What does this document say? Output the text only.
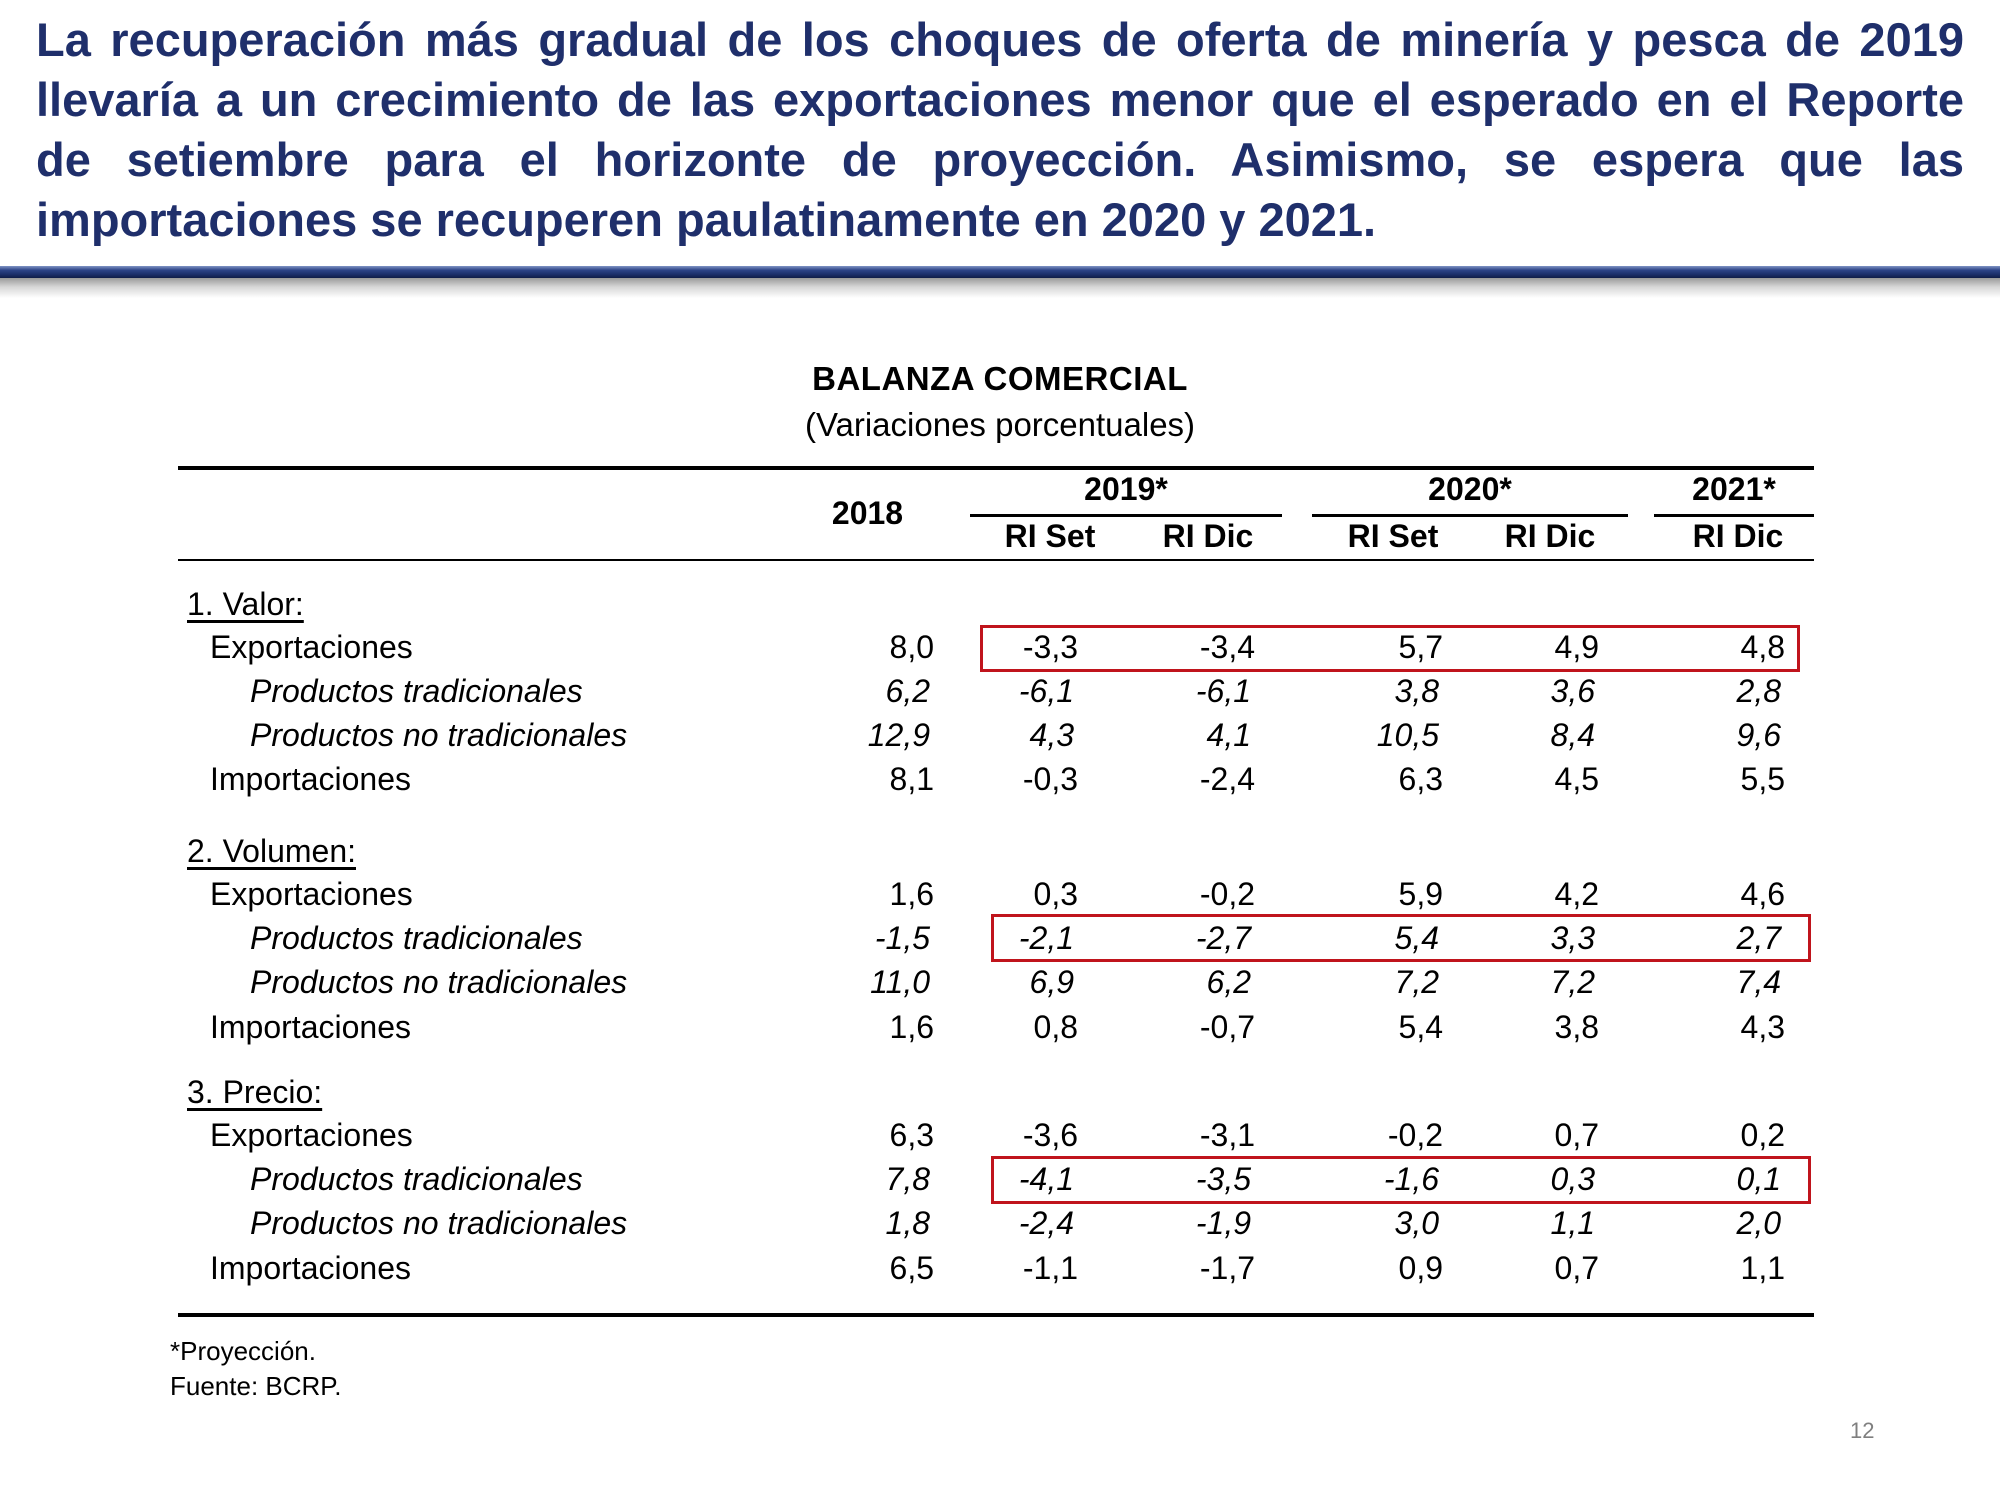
La recuperación más gradual de los choques de oferta de minería y pesca de 2019 llevaría a un crecimiento de las exportaciones menor que el esperado en el Reporte de setiembre para el horizonte de proyección. Asimismo, se espera que las importaciones se recuperen paulatinamente en 2020 y 2021.
BALANZA COMERCIAL
(Variaciones porcentuales)
2018
2019*	2020*	2021*
RI Set	RI Dic	RI Set	RI Dic	RI Dic
1. Valor:
Exportaciones	8,0	-3,3	-3,4	5,7	4,9	4,8
Productos tradicionales	6,2	-6,1	-6,1	3,8	3,6	2,8
Productos no tradicionales	12,9	4,3	4,1	10,5	8,4	9,6
Importaciones	8,1	-0,3	-2,4	6,3	4,5	5,5
2. Volumen:
Exportaciones	1,6	0,3	-0,2	5,9	4,2	4,6
Productos tradicionales	-1,5	-2,1	-2,7	5,4	3,3	2,7
Productos no tradicionales	11,0	6,9	6,2	7,2	7,2	7,4
Importaciones	1,6	0,8	-0,7	5,4	3,8	4,3
3. Precio:
Exportaciones	6,3	-3,6	-3,1	-0,2	0,7	0,2
Productos tradicionales	7,8	-4,1	-3,5	-1,6	0,3	0,1
Productos no tradicionales	1,8	-2,4	-1,9	3,0	1,1	2,0
Importaciones	6,5	-1,1	-1,7	0,9	0,7	1,1
*Proyección.
Fuente: BCRP.
12
